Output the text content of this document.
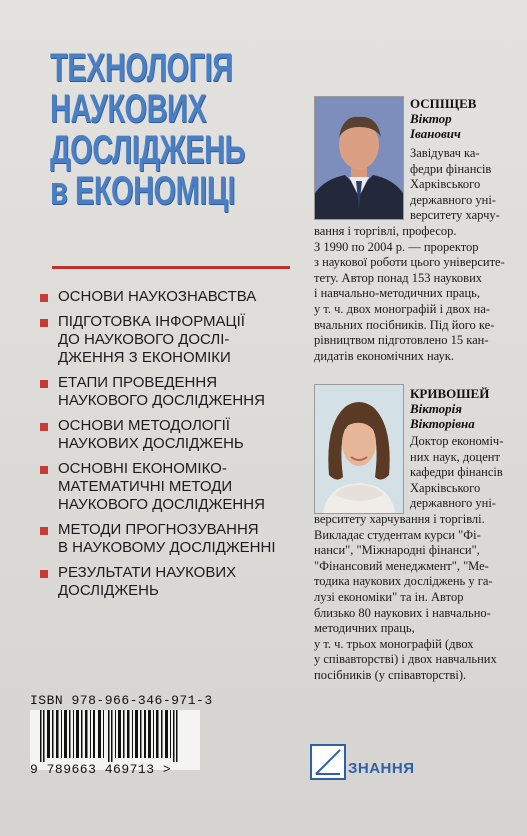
ТЕХНОЛОГІЯ
НАУКОВИХ
ДОСЛІДЖЕНЬ
в ЕКОНОМІЦІ
ОСНОВИ НАУКОЗНАВСТВА
ПІДГОТОВКА ІНФОРМАЦІЇ
ДО НАУКОВОГО ДОСЛІ-
ДЖЕННЯ З ЕКОНОМІКИ
ЕТАПИ ПРОВЕДЕННЯ
НАУКОВОГО ДОСЛІДЖЕННЯ
ОСНОВИ МЕТОДОЛОГІЇ
НАУКОВИХ ДОСЛІДЖЕНЬ
ОСНОВНІ ЕКОНОМІКО-
МАТЕМАТИЧНІ МЕТОДИ
НАУКОВОГО ДОСЛІДЖЕННЯ
МЕТОДИ ПРОГНОЗУВАННЯ
В НАУКОВОМУ ДОСЛІДЖЕННІ
РЕЗУЛЬТАТИ НАУКОВИХ
ДОСЛІДЖЕНЬ
ОСПІЩЕВ
Віктор
Іванович
Завідувач ка-
федри фінансів
Харківського
державного уні-
верситету харчу-
вання і торгівлі, професор.
З 1990 по 2004 р. — проректор
з наукової роботи цього університе-
тету. Автор понад 153 наукових
і навчально-методичних праць,
у т. ч. двох монографій і двох на-
вчальних посібників. Під його ке-
рівництвом підготовлено 15 кан-
дидатів економічних наук.
КРИВОШЕЙ
Вікторія
Вікторівна
Доктор економіч-
них наук, доцент
кафедри фінансів
Харківського
державного уні-
верситету харчування і торгівлі.
Викладає студентам курси "Фі-
нанси", "Міжнародні фінанси",
"Фінансовий менеджмент", "Ме-
тодика наукових досліджень у га-
лузі економіки" та ін. Автор
близько 80 наукових і навчально-
методичних праць,
у т. ч. трьох монографій (двох
у співавторстві) і двох навчальних
посібників (у співавторстві).
ISBN 978-966-346-971-3
9 789663 469713 >	ЗНАННЯ
